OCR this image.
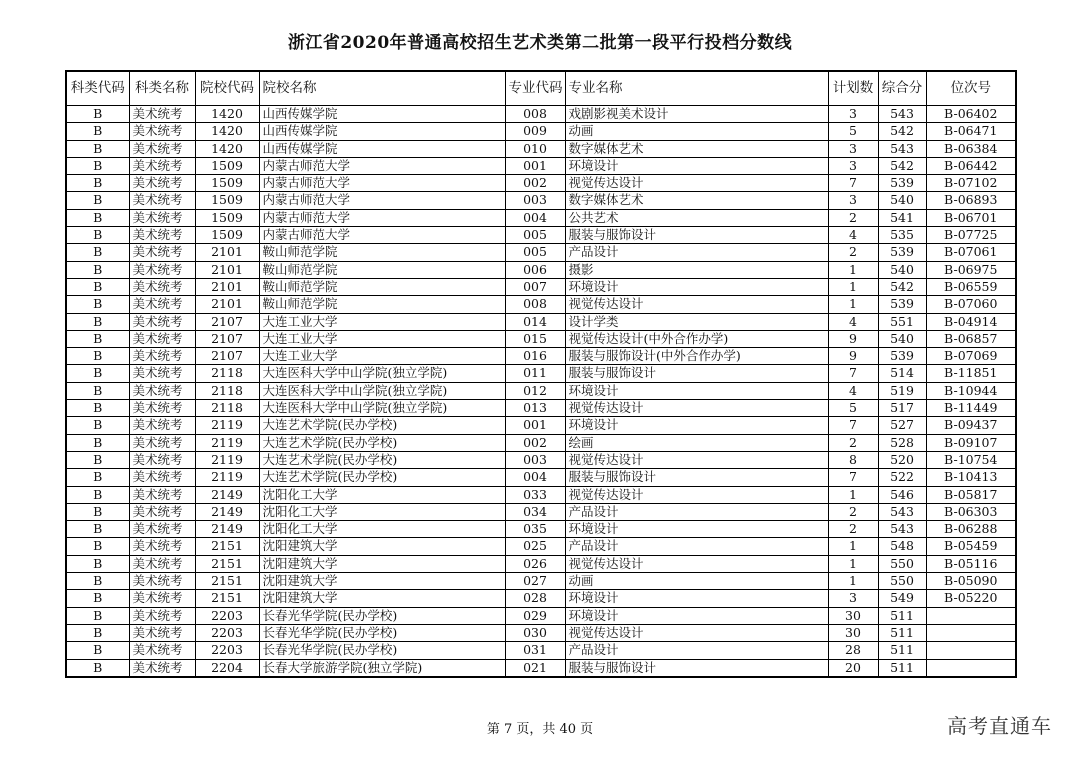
浙江省2020年普通高校招生艺术类第二批第一段平行投档分数线
科类代码	科类名称	院校代码	院校名称	专业代码	专业名称	计划数	综合分	位次号
B	美术统考	1420	山西传媒学院	008	戏剧影视美术设计	3	543	B-06402
B	美术统考	1420	山西传媒学院	009	动画	5	542	B-06471
B	美术统考	1420	山西传媒学院	010	数字媒体艺术	3	543	B-06384
B	美术统考	1509	内蒙古师范大学	001	环境设计	3	542	B-06442
B	美术统考	1509	内蒙古师范大学	002	视觉传达设计	7	539	B-07102
B	美术统考	1509	内蒙古师范大学	003	数字媒体艺术	3	540	B-06893
B	美术统考	1509	内蒙古师范大学	004	公共艺术	2	541	B-06701
B	美术统考	1509	内蒙古师范大学	005	服装与服饰设计	4	535	B-07725
B	美术统考	2101	鞍山师范学院	005	产品设计	2	539	B-07061
B	美术统考	2101	鞍山师范学院	006	摄影	1	540	B-06975
B	美术统考	2101	鞍山师范学院	007	环境设计	1	542	B-06559
B	美术统考	2101	鞍山师范学院	008	视觉传达设计	1	539	B-07060
B	美术统考	2107	大连工业大学	014	设计学类	4	551	B-04914
B	美术统考	2107	大连工业大学	015	视觉传达设计(中外合作办学)	9	540	B-06857
B	美术统考	2107	大连工业大学	016	服装与服饰设计(中外合作办学)	9	539	B-07069
B	美术统考	2118	大连医科大学中山学院(独立学院)	011	服装与服饰设计	7	514	B-11851
B	美术统考	2118	大连医科大学中山学院(独立学院)	012	环境设计	4	519	B-10944
B	美术统考	2118	大连医科大学中山学院(独立学院)	013	视觉传达设计	5	517	B-11449
B	美术统考	2119	大连艺术学院(民办学校)	001	环境设计	7	527	B-09437
B	美术统考	2119	大连艺术学院(民办学校)	002	绘画	2	528	B-09107
B	美术统考	2119	大连艺术学院(民办学校)	003	视觉传达设计	8	520	B-10754
B	美术统考	2119	大连艺术学院(民办学校)	004	服装与服饰设计	7	522	B-10413
B	美术统考	2149	沈阳化工大学	033	视觉传达设计	1	546	B-05817
B	美术统考	2149	沈阳化工大学	034	产品设计	2	543	B-06303
B	美术统考	2149	沈阳化工大学	035	环境设计	2	543	B-06288
B	美术统考	2151	沈阳建筑大学	025	产品设计	1	548	B-05459
B	美术统考	2151	沈阳建筑大学	026	视觉传达设计	1	550	B-05116
B	美术统考	2151	沈阳建筑大学	027	动画	1	550	B-05090
B	美术统考	2151	沈阳建筑大学	028	环境设计	3	549	B-05220
B	美术统考	2203	长春光华学院(民办学校)	029	环境设计	30	511	
B	美术统考	2203	长春光华学院(民办学校)	030	视觉传达设计	30	511	
B	美术统考	2203	长春光华学院(民办学校)	031	产品设计	28	511	
B	美术统考	2204	长春大学旅游学院(独立学院)	021	服装与服饰设计	20	511	
第 7 页，共 40 页	高考直通车
